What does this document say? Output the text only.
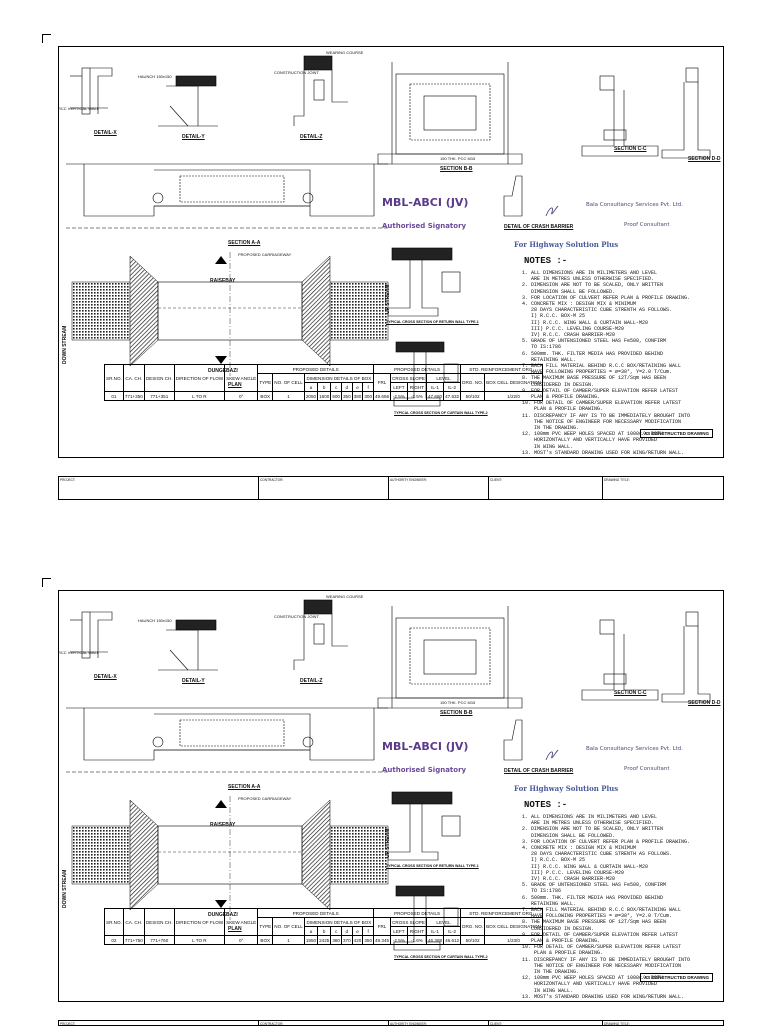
DETAIL-X
DETAIL-Y	DETAIL-Z
SECTION B-B
SECTION C-C
SECTION D-D
SECTION A-A
PLAN
DETAIL OF CRASH BARRIER
TYPICAL CROSS SECTION OF RETURN WALL TYPE-1
TYPICAL CROSS SECTION OF CURTAIN WALL TYPE-2
WEARING COURSE
CONSTRUCTION JOINT
RCC VERTICAL WALL
HAUNCH 150x150
150 THK. PCC M15
PROPOSED CARRIAGEWAY
RAISEBAY
DUNGEBAZI
UP STREAM
DOWN STREAM
MBL-ABCI (JV)
Authorised Signatory
Bala Consultancy Services Pvt. Ltd.
Proof Consultant
For Highway Solution Plus
NOTES :-
1. ALL DIMENSIONS ARE IN MILIMETERS AND LEVEL
ARE IN METRES UNLESS OTHERWISE SPECIFIED.
2. DIMENSION ARE NOT TO BE SCALED, ONLY WRITTEN
DIMENSION SHALL BE FOLLOWED.
3. FOR LOCATION OF CULVERT REFER PLAN & PROFILE DRAWING.
4. CONCRETE MIX : DESIGN MIX & MINIMUM
28 DAYS CHARACTERISTIC CUBE STRENTH AS FOLLOWS.
I) R.C.C. BOX-M 25
II) R.C.C. WING WALL & CURTAIN WALL-M20
III) P.C.C. LEVELING COURSE-M20
IV) R.C.C. CRASH BARRIER-M20
5. GRADE OF UNTENSIONED STEEL HAS Fe500, CONFIRM
TO IS:1786
6. 500mm. THK. FILTER MEDIA HAS PROVIDED BEHIND
RETAINING WALL.
7. BACK FILL MATERIAL BEHIND R.C.C BOX/RETAINING WALL
HAVE FOLLOWING PROPERTIES = ø=30°, Y=2.0 T/Cum.
8. THE MAXIMUM BASE PRESSURE OF 12T/Sqm HAS BEEN
CONSIDERED IN DESIGN.
9. FOR DETAIL OF CAMBER/SUPER ELEVATION REFER LATEST
PLAN & PROFILE DRAWING.
10. FOR DETAIL OF CAMBER/SUPER ELEVATION REFER LATEST
PLAN & PROFILE DRAWING.
11. DISCREPANCY IF ANY IS TO BE IMMEDIATELY BROUGHT INTO
THE NOTICE OF ENGINEER FOR NECESSARY MODIFICATION
IN THE DRAWING.
12. 100mm PVC WEEP HOLES SPACED AT 1000c/c BOTH
HORIZONTALLY AND VERTICALLY HAVE PROVIDED
IN WING WALL.
13. MOST's STANDARD DRAWING USED FOR WING/RETURN WALL.
SR.NO.	CA. CH.	DESIGN CH.	DIRECTION OF FLOW	SKEW ANGLE	PROPOSED DETAILS								PROPOSED DETAILS					STD. REINFORCEMENT DRG.	
					TYPE	NO. OF CELL	DIMENSION DETAILS OF BOX						FRL	CROSS SLOPE		LEVEL		DRG. NO.	BOX CELL DESIGNATION
							a	b	c	d	e	f		LEFT	RIGHT	IL-1	IL-2		
01	771+350	771+351	L TO R	0°	BOX	1	2050	1600	500	350	380	300	49.656	-2.5%	-2.5%	47.680	47.632	50/102	1/22/0
AS CONSTRUCTED DRAWING
DETAIL-X
DETAIL-Y	DETAIL-Z
SECTION B-B
SECTION C-C
SECTION D-D
SECTION A-A
PLAN
DETAIL OF CRASH BARRIER
TYPICAL CROSS SECTION OF RETURN WALL TYPE-1
TYPICAL CROSS SECTION OF CURTAIN WALL TYPE-2
WEARING COURSE
CONSTRUCTION JOINT
RCC VERTICAL WALL
HAUNCH 150x150
150 THK. PCC M15
PROPOSED CARRIAGEWAY
RAISEBAY
DUNGEBAZI
UP STREAM
DOWN STREAM
MBL-ABCI (JV)
Authorised Signatory
Bala Consultancy Services Pvt. Ltd.
Proof Consultant
For Highway Solution Plus
NOTES :-
1. ALL DIMENSIONS ARE IN MILIMETERS AND LEVEL
ARE IN METRES UNLESS OTHERWISE SPECIFIED.
2. DIMENSION ARE NOT TO BE SCALED, ONLY WRITTEN
DIMENSION SHALL BE FOLLOWED.
3. FOR LOCATION OF CULVERT REFER PLAN & PROFILE DRAWING.
4. CONCRETE MIX : DESIGN MIX & MINIMUM
28 DAYS CHARACTERISTIC CUBE STRENTH AS FOLLOWS.
I) R.C.C. BOX-M 25
II) R.C.C. WING WALL & CURTAIN WALL-M20
III) P.C.C. LEVELING COURSE-M20
IV) R.C.C. CRASH BARRIER-M20
5. GRADE OF UNTENSIONED STEEL HAS Fe500, CONFIRM
TO IS:1786
6. 500mm. THK. FILTER MEDIA HAS PROVIDED BEHIND
RETAINING WALL.
7. BACK FILL MATERIAL BEHIND R.C.C BOX/RETAINING WALL
HAVE FOLLOWING PROPERTIES = ø=30°, Y=2.0 T/Cum.
8. THE MAXIMUM BASE PRESSURE OF 12T/Sqm HAS BEEN
CONSIDERED IN DESIGN.
9. FOR DETAIL OF CAMBER/SUPER ELEVATION REFER LATEST
PLAN & PROFILE DRAWING.
10. FOR DETAIL OF CAMBER/SUPER ELEVATION REFER LATEST
PLAN & PROFILE DRAWING.
11. DISCREPANCY IF ANY IS TO BE IMMEDIATELY BROUGHT INTO
THE NOTICE OF ENGINEER FOR NECESSARY MODIFICATION
IN THE DRAWING.
12. 100mm PVC WEEP HOLES SPACED AT 1000c/c BOTH
HORIZONTALLY AND VERTICALLY HAVE PROVIDED
IN WING WALL.
13. MOST's STANDARD DRAWING USED FOR WING/RETURN WALL.
SR.NO.	CA. CH.	DESIGN CH.	DIRECTION OF FLOW	SKEW ANGLE	PROPOSED DETAILS								PROPOSED DETAILS					STD. REINFORCEMENT DRG.	
					TYPE	NO. OF CELL	DIMENSION DETAILS OF BOX						FRL	CROSS SLOPE		LEVEL		DRG. NO.	BOX CELL DESIGNATION
							a	b	c	d	e	f		LEFT	RIGHT	IL-1	IL-2		
02	771+750	771+760	L TO R	0°	BOX	1	1950	2425	380	370	420	350	49.345	-2.5%	-1.6%	46.388	46.612	50/102	1/23/0
AS CONSTRUCTED DRAWING
PROJECT:	CONTRACTOR:	AUTHORITY ENGINEER:	CLIENT:	DRAWING TITLE:
PROJECT:	CONTRACTOR:	AUTHORITY ENGINEER:	CLIENT:	DRAWING TITLE:
